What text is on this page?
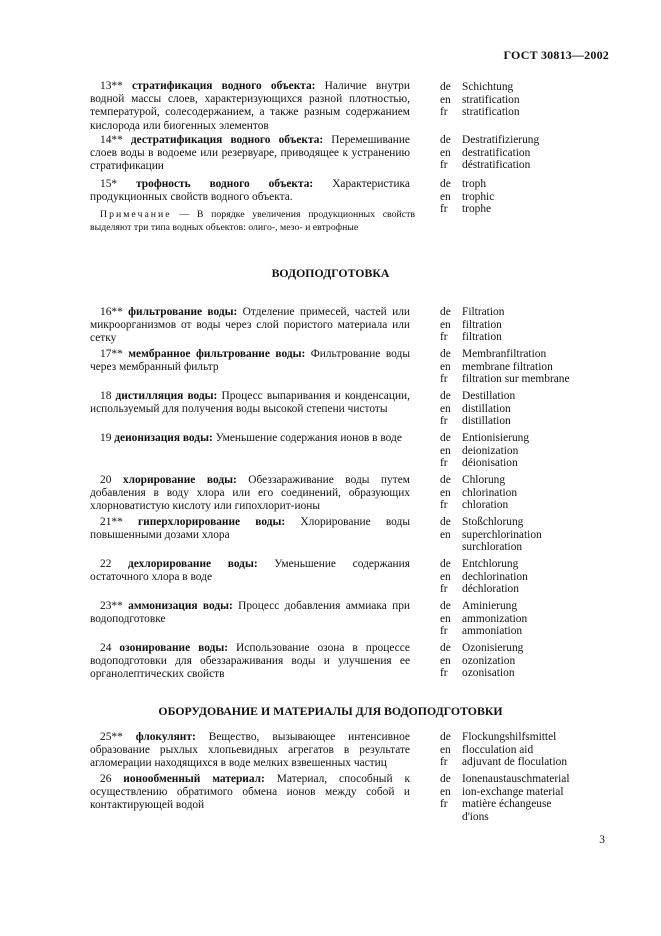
ГОСТ 30813—2002
13** стратификация водного объекта: Наличие внутри водной массы слоев, характеризующихся разной плотностью, температурой, солесодержанием, а также разным содержанием кислорода или биогенных элементов
de Schichtung
en stratification
fr	stratification
14** дестратификация водного объекта: Перемешивание слоев воды в водоеме или резервуаре, приводящее к устранению стратификации
de Destratifizierung
en destratification
fr	déstratification
15* трофность водного объекта: Характеристика продукционных свойств водного объекта.
de troph
en trophic
fr	trophe
Примечание — В порядке увеличения продукционных свойств выделяют три типа водных объектов: олиго-, мезо- и евтрофные
ВОДОПОДГОТОВКА
16** фильтрование воды: Отделение примесей, частей или микроорганизмов от воды через слой пористого материала или сетку
de Filtration
en filtration
fr	filtration
17** мембранное фильтрование воды: Фильтрование воды через мембранный фильтр
de Membranfiltration
en membrane filtration
fr	filtration sur membrane
18 дистилляция воды: Процесс выпаривания и конденсации, используемый для получения воды высокой степени чистоты
de Destillation
en distillation
fr	distillation
19 деионизация воды: Уменьшение содержания ионов в воде	de Entionisierung
en deionization
fr	déionisation
20 хлорирование воды: Обеззараживание воды путем добавления в воду хлора или его соединений, образующих хлорноватистую кислоту или гипохлорит-ионы
de Chlorung
en chlorination
fr	chloration
21** гиперхлорирование воды: Хлорирование воды повышенными дозами хлора
de Stoßchlorung
en superchlorination
surchloration
22 дехлорирование воды: Уменьшение содержания остаточного хлора в воде
de Entchlorung
en dechlorination
fr	déchloration
23** аммонизация воды: Процесс добавления аммиака при водоподготовке
de Aminierung
en ammonization
fr	ammoniation
24 озонирование воды: Использование озона в процессе водоподготовки для обеззараживания воды и улучшения ее органолептических свойств
de Ozonisierung
en ozonization
fr	ozonisation
ОБОРУДОВАНИЕ И МАТЕРИАЛЫ ДЛЯ ВОДОПОДГОТОВКИ
25** флокулянт: Вещество, вызывающее интенсивное образование рыхлых хлопьевидных агрегатов в результате агломерации находящихся в воде мелких взвешенных частиц
de Flockungshilfsmittel
en flocculation aid
fr	adjuvant de floculation
26 ионообменный материал: Материал, способный к осуществлению обратимого обмена ионов между собой и контактирующей водой
de Ionenaustauschmaterial
en ion-exchange material
fr	matière échangeuse
d'ions
3
